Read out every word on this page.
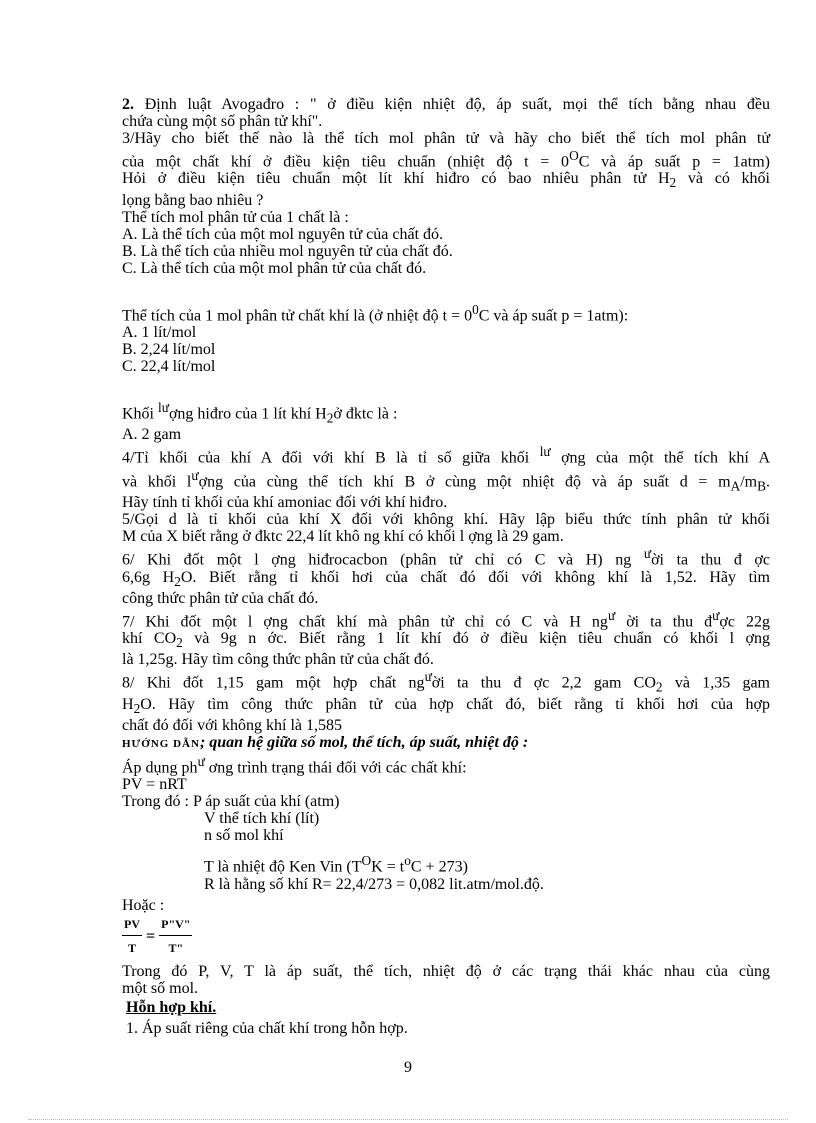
2. Định luật Avogađro : " ở điều kiện nhiệt độ, áp suất, mọi thể tích bằng nhau đều

chứa cùng một số phân tử khí".

3/Hãy cho biết thế nào là thể tích mol phân tử và hãy cho biết thể tích mol phân tử

của một chất khí ở điều kiện tiêu chuẩn (nhiệt độ $t = 0^OC$ và áp suất p = 1atm)

Hỏi ở điều kiện tiêu chuẩn một lít khí hiđro có bao nhiêu phân tử $H_2$ và có khối

lọng bằng bao nhiêu ?

Thể tích mol phân tử của 1 chất là :

A. Là thể tích của một mol nguyên tử của chất đó.

B. Là thể tích của nhiều mol nguyên tử của chất đó.

C. Là thể tích của một mol phân tử của chất đó.

Thể tích của 1 mol phân tử chất khí là (ở nhiệt độ $t = 0^0C$ và áp suất p = 1atm):

A. 1 lít/mol

B. 2,24 lít/mol

C. 22,4 lít/mol

Khối $^{lư}$ợng hiđro của 1 lít khí $H_2ở$ đktc là :

A. 2 gam

4/Tỉ khối của khí A đối với khí B là tỉ số giữa khối $^{lư}$ ợng của một thể tích khí A

và khối $l^ượng$ của cùng thể tích khí B ở cùng một nhiệt độ và áp suất $d = m_A/m_B$.

Hãy tính tỉ khối của khí amoniac đối với khí hiđro.

5/Gọi d là tỉ khối của khí X đối với không khí. Hãy lập biểu thức tính phân tử khối

M của X biết rằng ở đktc 22,4 lít khô ng khí có khối l ợng là 29 gam.

6/ Khi đốt một l ợng hiđrocacbon (phân tử chỉ có C và H) ng $^ư$ời ta thu đ ợc

6,6g $H_2O$. Biết rằng tỉ khối hơi của chất đó đối với không khí là 1,52. Hãy tìm

công thức phân tử của chất đó.

7/ Khi đốt một l ợng chất khí mà phân tử chỉ có C và H $ng^ư$ ời ta thu $đ^ược$ 22g

khí $CO_2$ và 9g n ớc. Biết rằng 1 lít khí đó ở điều kiện tiêu chuẩn có khối l ợng

là 1,25g. Hãy tìm công thức phân tử của chất đó.

8/ Khi đốt 1,15 gam một hợp chất $ng^ười$ ta thu đ ợc 2,2 gam $CO_2$ và 1,35 gam

$H_2O$. Hãy tìm công thức phân tử của hợp chất đó, biết rằng tỉ khối hơi của hợp

chất đó đối với không khí là 1,585

HƯỚNG DẪN; quan hệ giữa số mol, thể tích, áp suất, nhiệt độ :

Áp dụng $ph^ư$ ơng trình trạng thái đối với các chất khí:

PV = nRT

Trong đó : P áp suất của khí (atm)

V thể tích khí (lít)

n số mol khí

T là nhiệt độ Ken Vin $(T^OK = t^oC + 273)$

R là hằng số khí R= 22,4/273 = 0,082 lit.atm/mol.độ.

Hoặc :

PV
T
=
P"V"
T"

Trong đó P, V, T là áp suất, thể tích, nhiệt độ ở các trạng thái khác nhau của cùng

một số mol.

Hỗn hợp khí.

1. Áp suất riêng của chất khí trong hỗn hợp.

9
